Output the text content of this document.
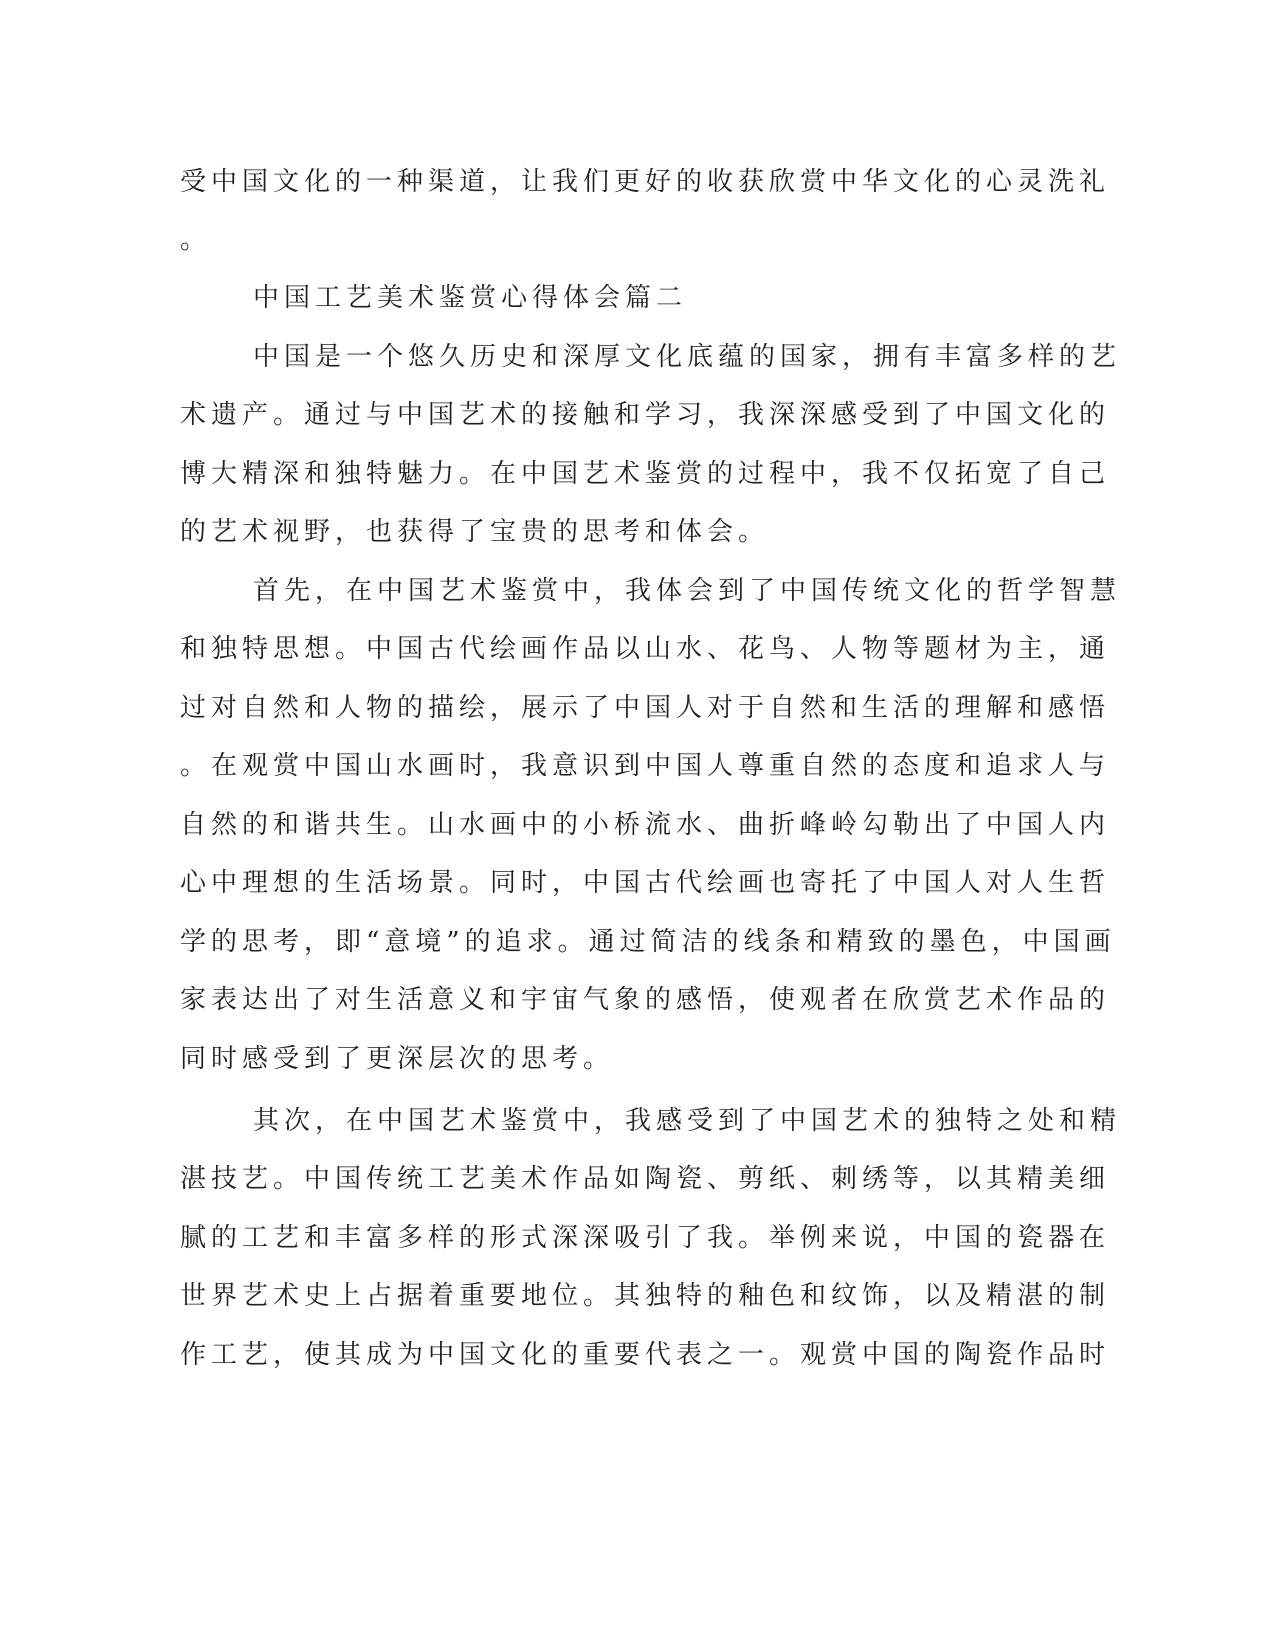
受中国文化的一种渠道，让我们更好的收获欣赏中华文化的心灵洗礼
。
中国工艺美术鉴赏心得体会篇二
中国是一个悠久历史和深厚文化底蕴的国家，拥有丰富多样的艺
术遗产。通过与中国艺术的接触和学习，我深深感受到了中国文化的
博大精深和独特魅力。在中国艺术鉴赏的过程中，我不仅拓宽了自己
的艺术视野，也获得了宝贵的思考和体会。
首先，在中国艺术鉴赏中，我体会到了中国传统文化的哲学智慧
和独特思想。中国古代绘画作品以山水、花鸟、人物等题材为主，通
过对自然和人物的描绘，展示了中国人对于自然和生活的理解和感悟
。在观赏中国山水画时，我意识到中国人尊重自然的态度和追求人与
自然的和谐共生。山水画中的小桥流水、曲折峰岭勾勒出了中国人内
心中理想的生活场景。同时，中国古代绘画也寄托了中国人对人生哲
学的思考，即“意境”的追求。通过简洁的线条和精致的墨色，中国画
家表达出了对生活意义和宇宙气象的感悟，使观者在欣赏艺术作品的
同时感受到了更深层次的思考。
其次，在中国艺术鉴赏中，我感受到了中国艺术的独特之处和精
湛技艺。中国传统工艺美术作品如陶瓷、剪纸、刺绣等，以其精美细
腻的工艺和丰富多样的形式深深吸引了我。举例来说，中国的瓷器在
世界艺术史上占据着重要地位。其独特的釉色和纹饰，以及精湛的制
作工艺，使其成为中国文化的重要代表之一。观赏中国的陶瓷作品时
